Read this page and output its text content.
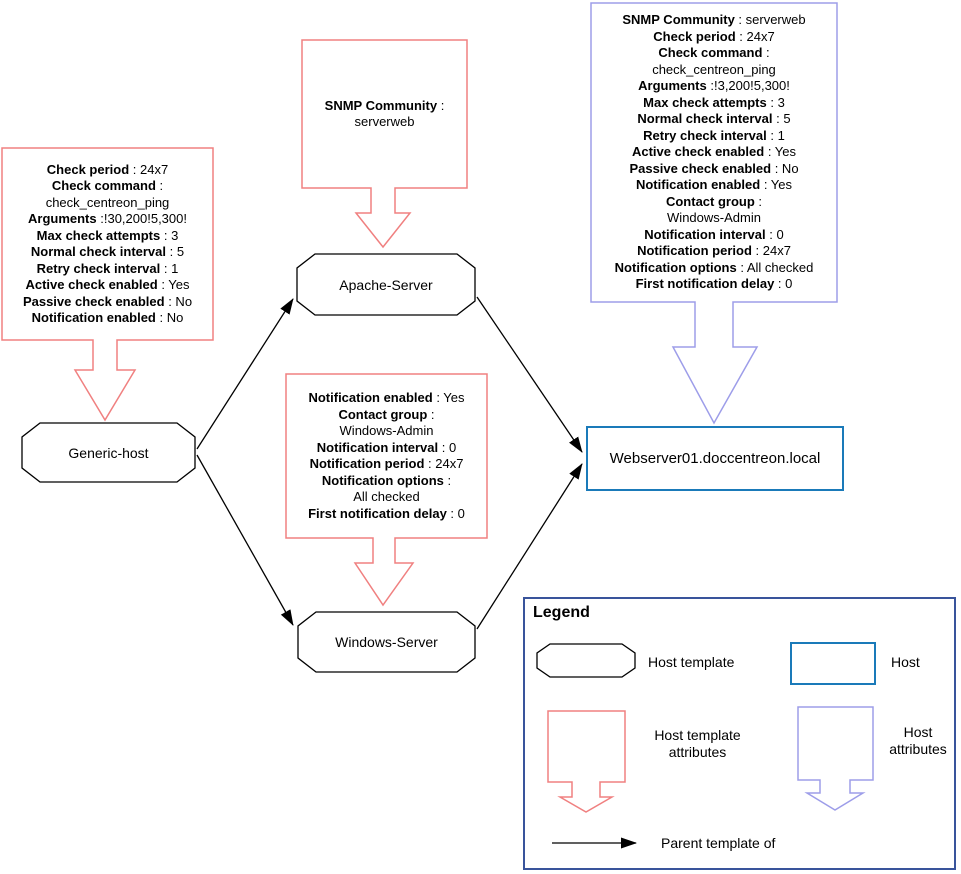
Check period : 24x7
Check command :
check_centreon_ping
Arguments :!30,200!5,300!
Max check attempts : 3
Normal check interval : 5
Retry check interval : 1
Active check enabled : Yes
Passive check enabled : No
Notification enabled : No
SNMP Community :
serverweb
Notification enabled : Yes
Contact group :
Windows-Admin
Notification interval : 0
Notification period : 24x7
Notification options :
All checked
First notification delay : 0
SNMP Community : serverweb
Check period : 24x7
Check command :
check_centreon_ping
Arguments :!3,200!5,300!
Max check attempts : 3
Normal check interval : 5
Retry check interval : 1
Active check enabled : Yes
Passive check enabled : No
Notification enabled : Yes
Contact group :
Windows-Admin
Notification interval : 0
Notification period : 24x7
Notification options : All checked
First notification delay : 0
Generic-host
Apache-Server
Windows-Server
Webserver01.doccentreon.local
Legend
Host template	Host
Host template attributes
Host attributes
Parent template of
